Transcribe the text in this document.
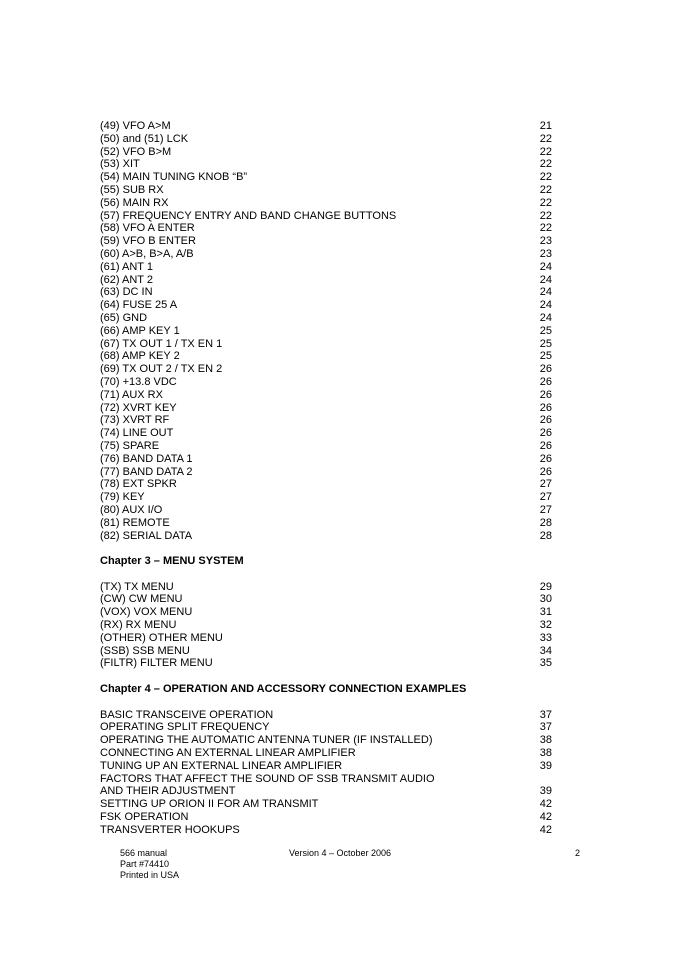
(49) VFO A>M	21
(50) and (51) LCK	22
(52) VFO B>M	22
(53) XIT	22
(54) MAIN TUNING KNOB “B”	22
(55) SUB RX	22
(56) MAIN RX	22
(57) FREQUENCY ENTRY AND BAND CHANGE BUTTONS	22
(58) VFO A ENTER	22
(59) VFO B ENTER	23
(60) A>B, B>A, A/B	23
(61) ANT 1	24
(62) ANT 2	24
(63) DC IN	24
(64) FUSE 25 A	24
(65) GND	24
(66) AMP KEY 1	25
(67) TX OUT 1 / TX EN 1	25
(68) AMP KEY 2	25
(69) TX OUT 2 / TX EN 2	26
(70) +13.8 VDC	26
(71) AUX RX	26
(72) XVRT KEY	26
(73) XVRT RF	26
(74) LINE OUT	26
(75) SPARE	26
(76) BAND DATA 1	26
(77) BAND DATA 2	26
(78) EXT SPKR	27
(79) KEY	27
(80) AUX I/O	27
(81) REMOTE	28
(82) SERIAL DATA	28
Chapter 3 – MENU SYSTEM
(TX) TX MENU	29
(CW) CW MENU	30
(VOX) VOX MENU	31
(RX) RX MENU	32
(OTHER) OTHER MENU	33
(SSB) SSB MENU	34
(FILTR) FILTER MENU	35
Chapter 4 – OPERATION AND ACCESSORY CONNECTION EXAMPLES
BASIC TRANSCEIVE OPERATION	37
OPERATING SPLIT FREQUENCY	37
OPERATING THE AUTOMATIC ANTENNA TUNER (IF INSTALLED)	38
CONNECTING AN EXTERNAL LINEAR AMPLIFIER	38
TUNING UP AN EXTERNAL LINEAR AMPLIFIER	39
FACTORS THAT AFFECT THE SOUND OF SSB TRANSMIT AUDIO
AND THEIR ADJUSTMENT	39
SETTING UP ORION II FOR AM TRANSMIT	42
FSK OPERATION	42
TRANSVERTER HOOKUPS	42
566 manual
Part #74410
Printed in USA
Version 4 – October 2006	2
